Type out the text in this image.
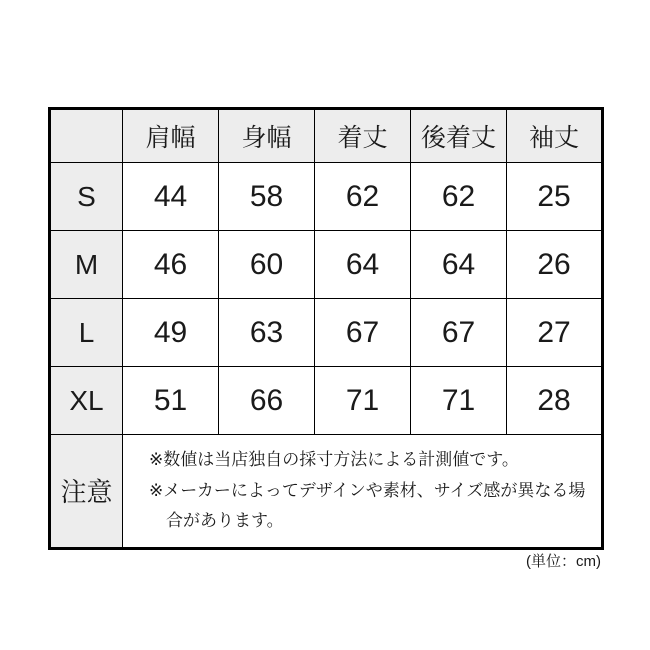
	肩幅	身幅	着丈	後着丈	袖丈
S	44	58	62	62	25
M	46	60	64	64	26
L	49	63	67	67	27
XL	51	66	71	71	28
注意	※数値は当店独自の採寸方法による計測値です。

※メーカーによってデザインや素材、サイズ感が異なる場合があります。				

(単位：cm)
